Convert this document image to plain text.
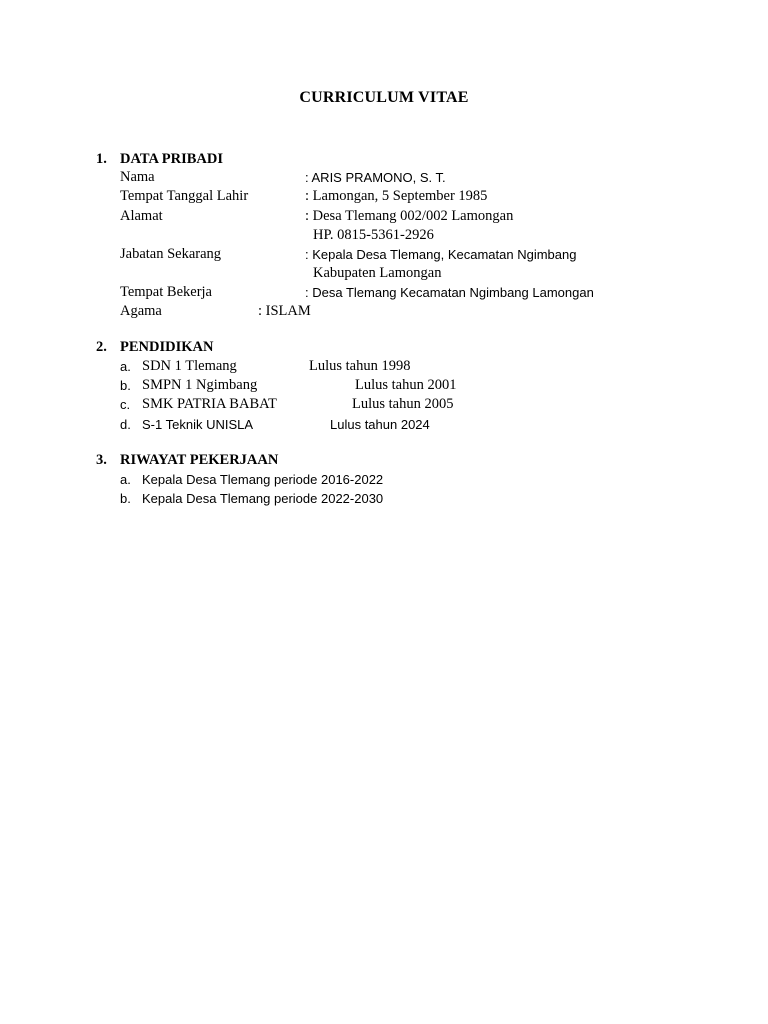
CURRICULUM VITAE
1. DATA PRIBADI
Nama	: ARIS PRAMONO, S. T.
Tempat Tanggal Lahir	: Lamongan, 5 September 1985
Alamat	: Desa Tlemang 002/002 Lamongan
HP. 0815-5361-2926
Jabatan Sekarang	: Kepala Desa Tlemang, Kecamatan Ngimbang
Kabupaten Lamongan
Tempat Bekerja	: Desa Tlemang Kecamatan Ngimbang Lamongan
Agama	: ISLAM
2. PENDIDIKAN
a. SDN 1 Tlemang	Lulus tahun 1998
b. SMPN 1 Ngimbang	Lulus tahun 2001
c. SMK PATRIA BABAT	Lulus tahun 2005
d. S-1 Teknik UNISLA	Lulus tahun 2024
3. RIWAYAT PEKERJAAN
a. Kepala Desa Tlemang periode 2016-2022
b. Kepala Desa Tlemang periode 2022-2030
